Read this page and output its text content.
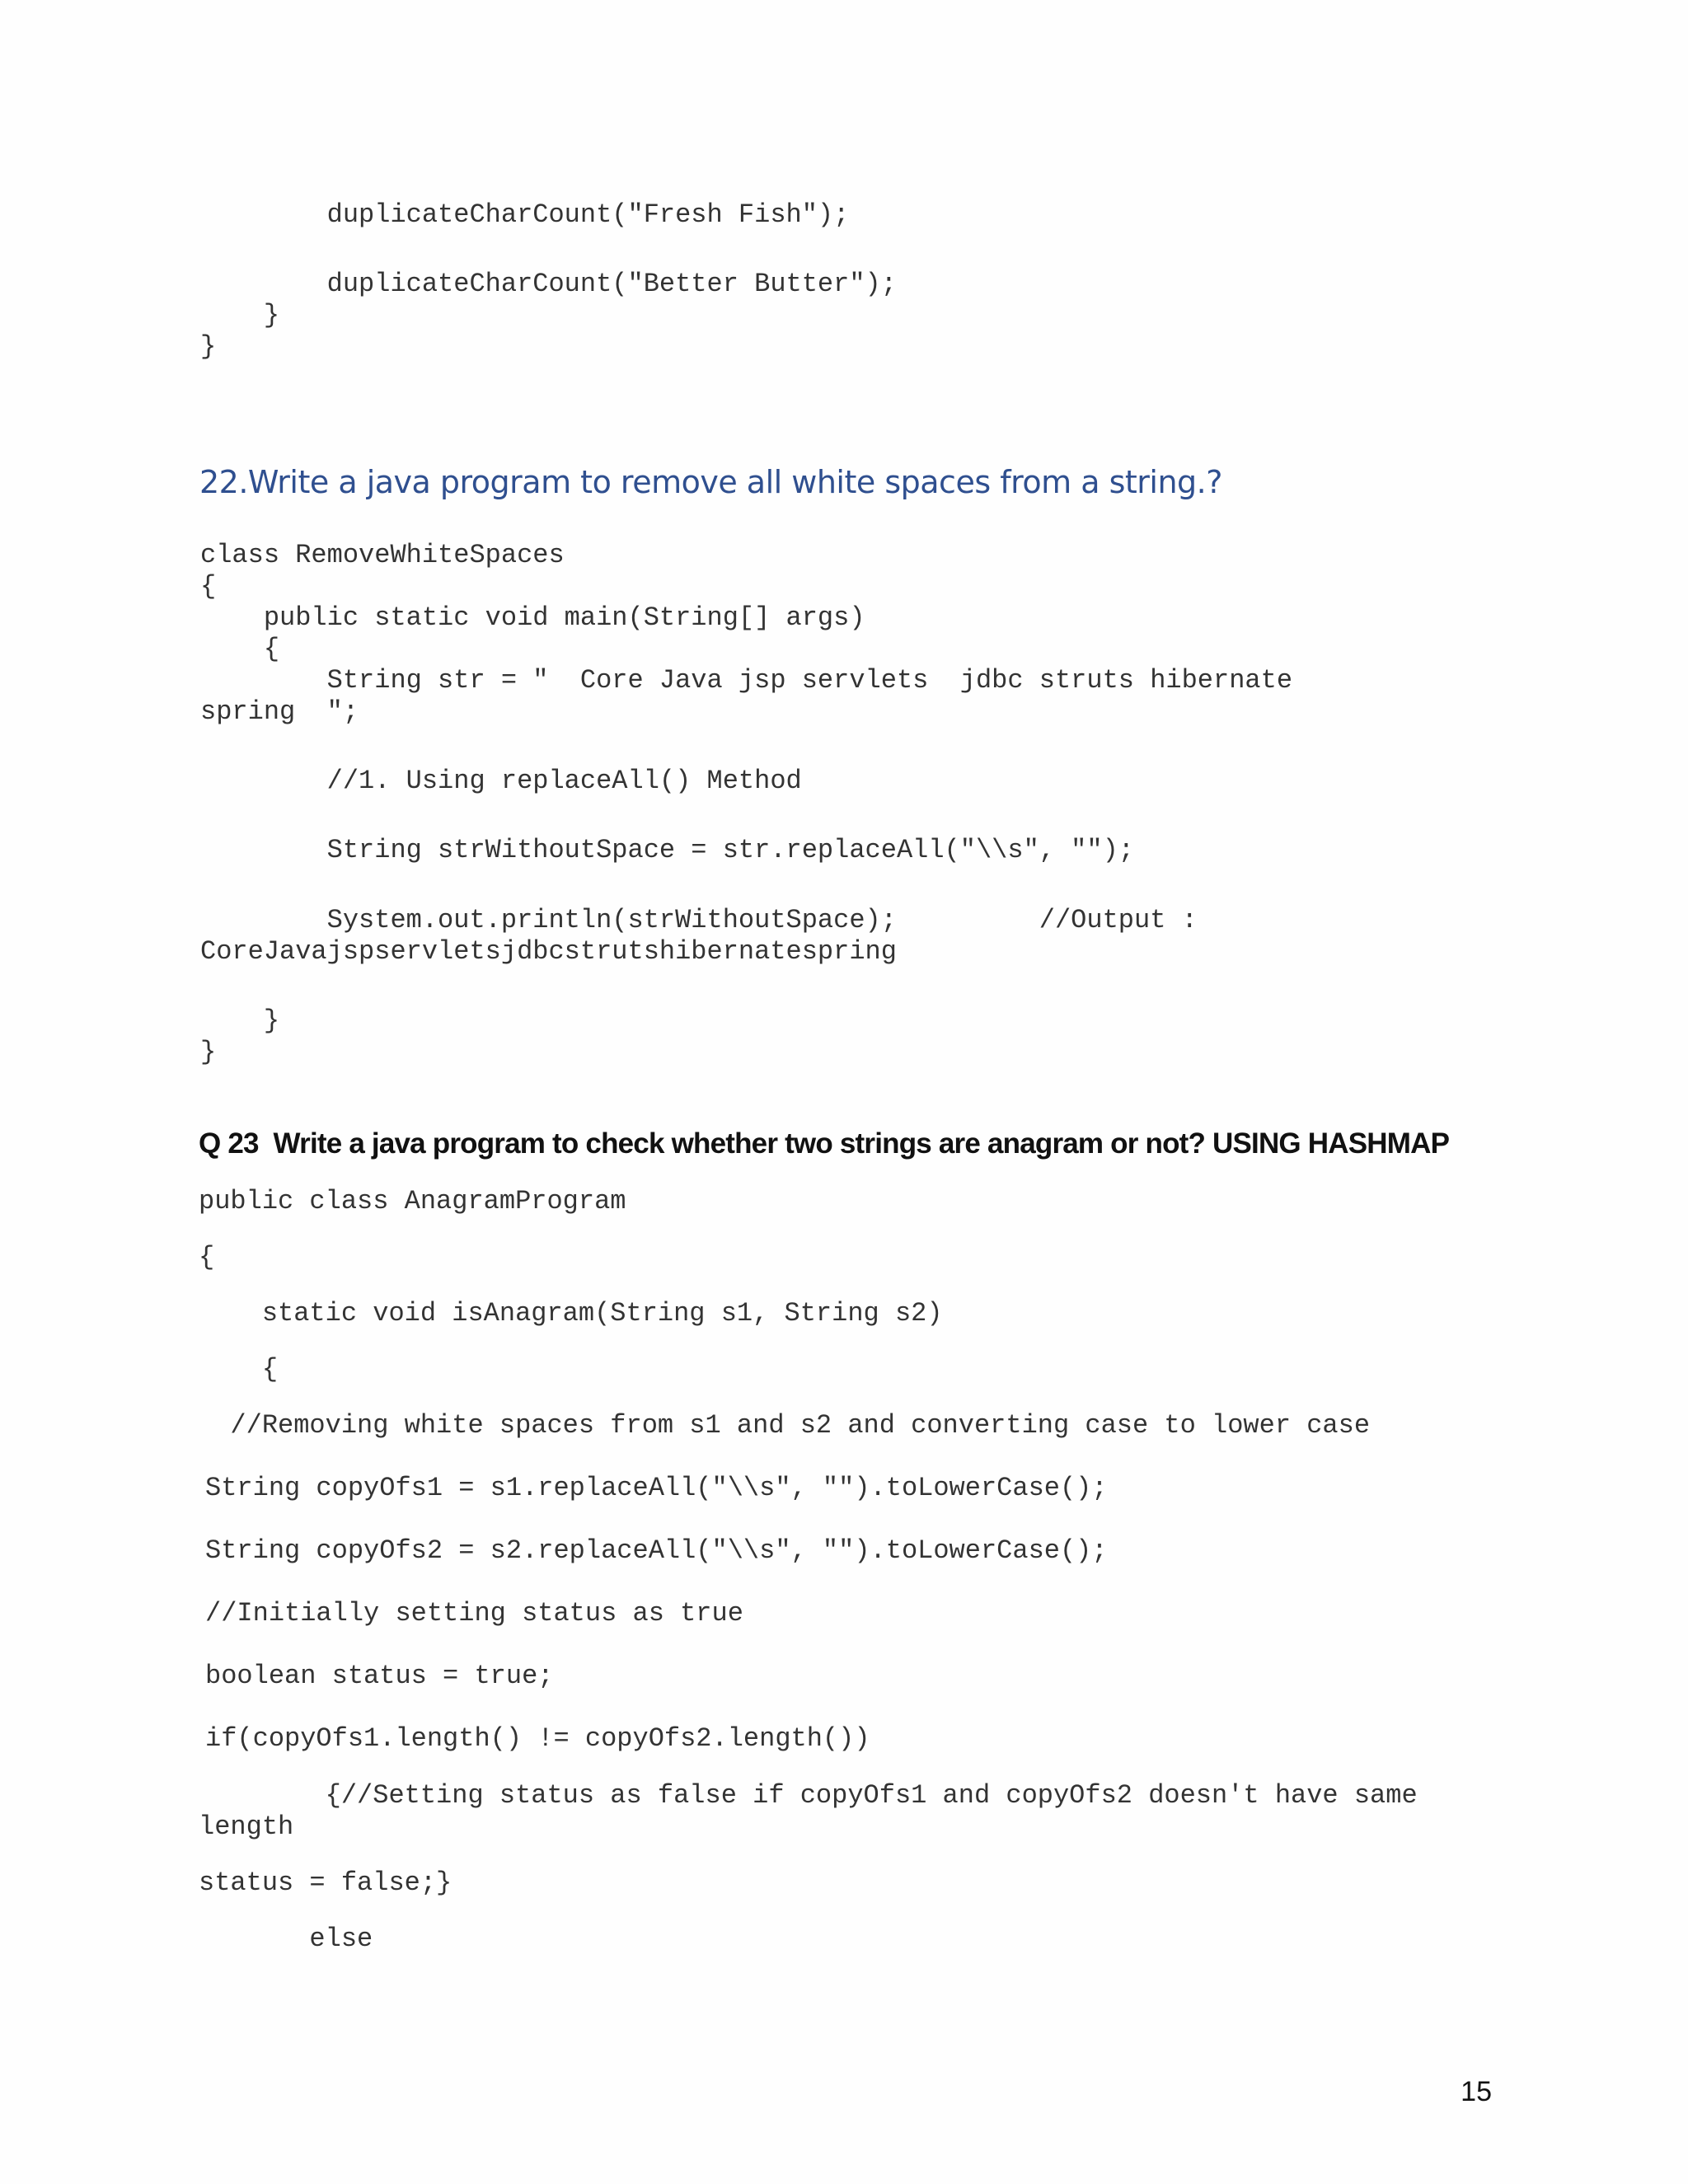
duplicateCharCount("Fresh Fish");
duplicateCharCount("Better Butter");
}
}
22.Write a java program to remove all white spaces from a string.?
class RemoveWhiteSpaces
{
public static void main(String[] args)
{
String str = "  Core Java jsp servlets  jdbc struts hibernate
spring  ";
//1. Using replaceAll() Method
String strWithoutSpace = str.replaceAll("\\s", "");
System.out.println(strWithoutSpace);         //Output :
CoreJavajspservletsjdbcstrutshibernatespring
}
}
Q 23  Write a java program to check whether two strings are anagram or not? USING HASHMAP
public class AnagramProgram
{
static void isAnagram(String s1, String s2)
{
//Removing white spaces from s1 and s2 and converting case to lower case
String copyOfs1 = s1.replaceAll("\\s", "").toLowerCase();
String copyOfs2 = s2.replaceAll("\\s", "").toLowerCase();
//Initially setting status as true
boolean status = true;
if(copyOfs1.length() != copyOfs2.length())
{//Setting status as false if copyOfs1 and copyOfs2 doesn't have same
length
status = false;}
else
15
